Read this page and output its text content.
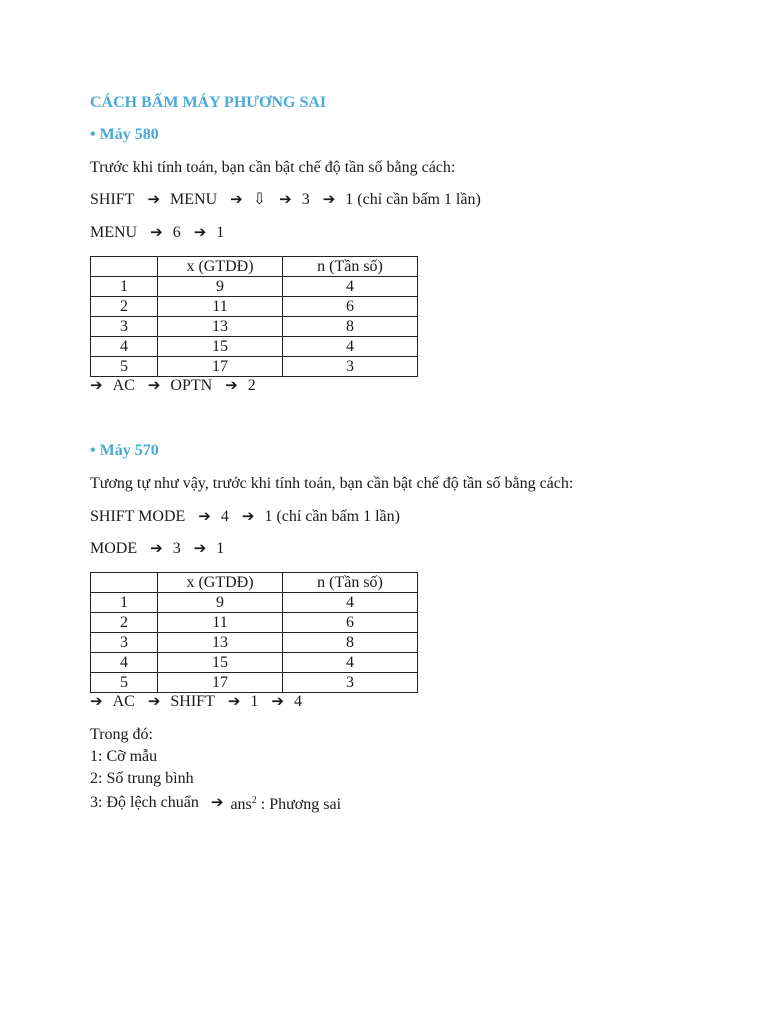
CÁCH BẤM MÁY PHƯƠNG SAI
• Máy 580
Trước khi tính toán, bạn cần bật chế độ tần số bằng cách:
SHIFT ➔ MENU ➔ ⇩ ➔ 3 ➔ 1 (chỉ cần bấm 1 lần)
MENU ➔ 6 ➔ 1
	x (GTDĐ)	n (Tần số)
1	9	4
2	11	6
3	13	8
4	15	4
5	17	3
➔ AC ➔ OPTN ➔ 2
• Máy 570
Tương tự như vậy, trước khi tính toán, bạn cần bật chế độ tần số bằng cách:
SHIFT MODE ➔ 4 ➔ 1 (chỉ cần bấm 1 lần)
MODE ➔ 3 ➔ 1
	x (GTDĐ)	n (Tần số)
1	9	4
2	11	6
3	13	8
4	15	4
5	17	3
➔ AC ➔ SHIFT ➔ 1 ➔ 4
Trong đó:
1: Cỡ mẫu
2: Số trung bình
3: Độ lệch chuẩn ➔ ans$^2$: Phương sai
